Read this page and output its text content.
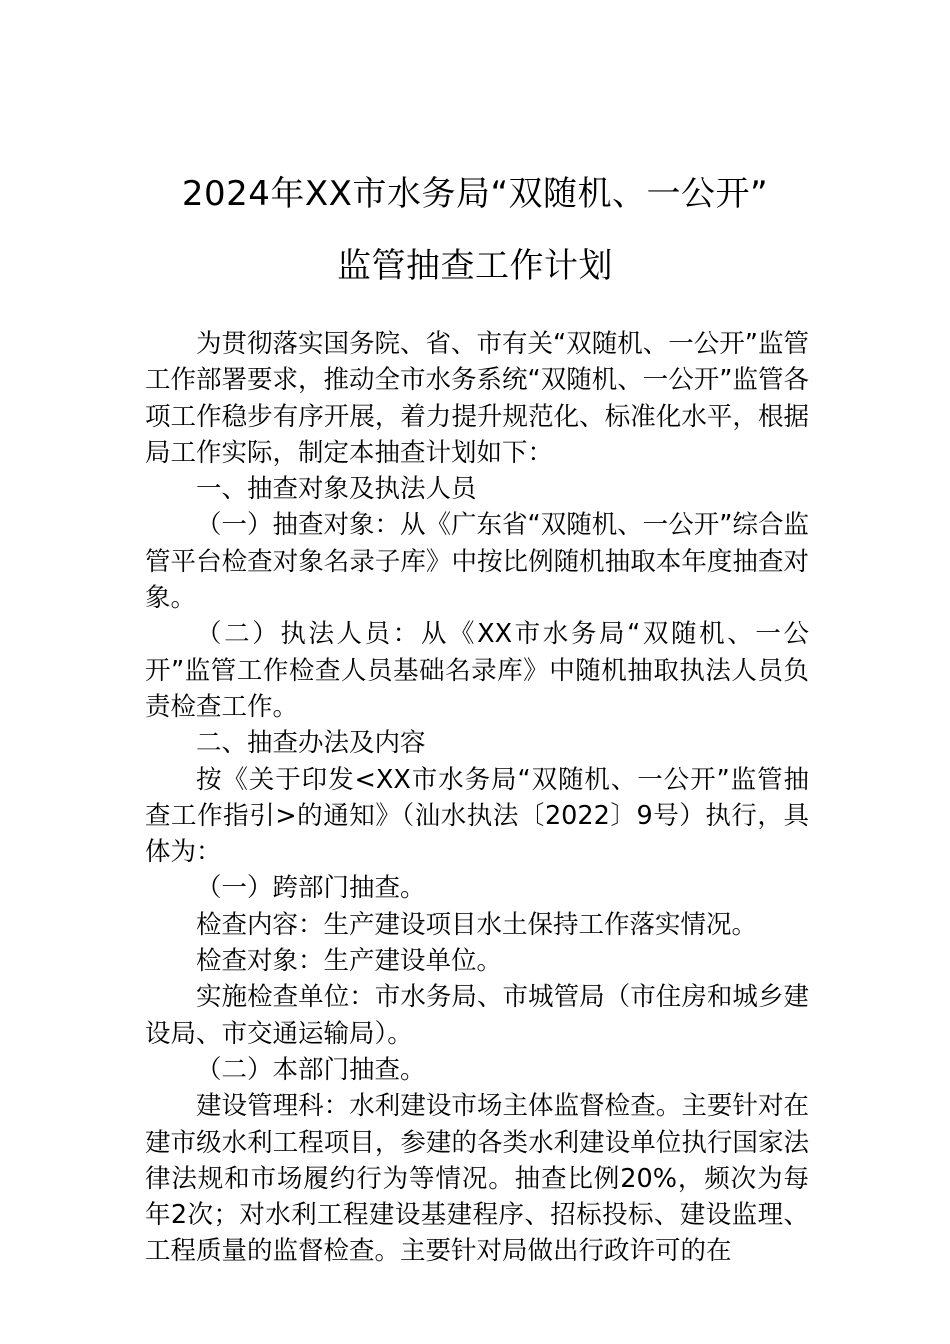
2024年XX市水务局“双随机、一公开”
监管抽查工作计划

为贯彻落实国务院、省、市有关“双随机、一公开”监管工作部署要求，推动全市水务系统“双随机、一公开”监管各项工作稳步有序开展，着力提升规范化、标准化水平，根据局工作实际，制定本抽查计划如下：

一、抽查对象及执法人员

（一）抽查对象：从《广东省“双随机、一公开”综合监管平台检查对象名录子库》中按比例随机抽取本年度抽查对象。

（二）执法人员：从《XX市水务局“双随机、一公开”监管工作检查人员基础名录库》中随机抽取执法人员负责检查工作。

二、抽查办法及内容

按《关于印发<XX市水务局“双随机、一公开”监管抽查工作指引>的通知》（汕水执法〔2022〕9号）执行，具体为：

（一）跨部门抽查。

检查内容：生产建设项目水土保持工作落实情况。

检查对象：生产建设单位。

实施检查单位：市水务局、市城管局（市住房和城乡建设局、市交通运输局）。

（二）本部门抽查。

建设管理科：水利建设市场主体监督检查。主要针对在建市级水利工程项目，参建的各类水利建设单位执行国家法律法规和市场履约行为等情况。抽查比例20%，频次为每年2次；对水利工程建设基建程序、招标投标、建设监理、工程质量的监督检查。主要针对局做出行政许可的在
